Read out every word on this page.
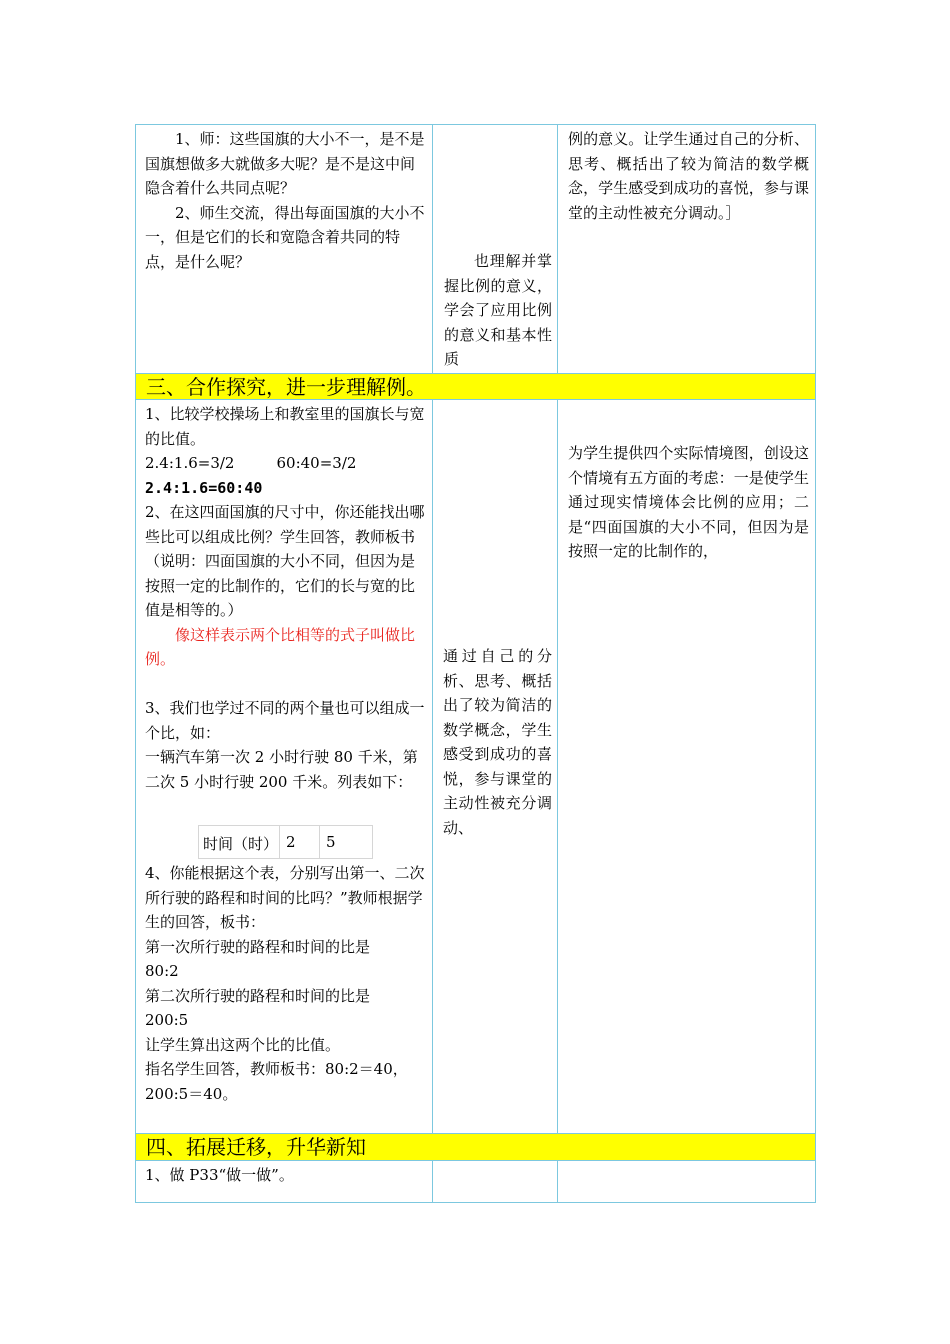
1、师：这些国旗的大小不一，是不是国旗想做多大就做多大呢？是不是这中间隐含着什么共同点呢？

2、师生交流，得出每面国旗的大小不一，但是它们的长和宽隐含着共同的特点，是什么呢？	也理解并掌握比例的意义，学会了应用比例的意义和基本性质

例的意义。让学生通过自己的分析、思考、概括出了较为简洁的数学概念，学生感受到成功的喜悦，参与课堂的主动性被充分调动。］

三、合作探究，进一步理解例。

1、比较学校操场上和教室里的国旗长与宽的比值。

2.4:1.6=3/2	60:40=3/2

2.4:1.6=60:40

2、在这四面国旗的尺寸中，你还能找出哪些比可以组成比例？学生回答，教师板书（说明：四面国旗的大小不同，但因为是按照一定的比制作的，它们的长与宽的比值是相等的。）

像这样表示两个比相等的式子叫做比例。

3、我们也学过不同的两个量也可以组成一个比，如：

一辆汽车第一次 2 小时行驶 80 千米，第二次 5 小时行驶 200 千米。列表如下：

时间（时） 2 5

4、你能根据这个表，分别写出第一、二次所行驶的路程和时间的比吗？”教师根据学生的回答，板书：

第一次所行驶的路程和时间的比是

80:2

第二次所行驶的路程和时间的比是

200:5

让学生算出这两个比的比值。

指名学生回答，教师板书：80:2＝40，200:5＝40。

通过自己的分析、思考、概括出了较为简洁的数学概念，学生感受到成功的喜悦，参与课堂的主动性被充分调动、

为学生提供四个实际情境图，创设这个情境有五方面的考虑：一是使学生通过现实情境体会比例的应用；二是“四面国旗的大小不同，但因为是按照一定的比制作的，

四、拓展迁移，升华新知

1、做 P33“做一做”。
